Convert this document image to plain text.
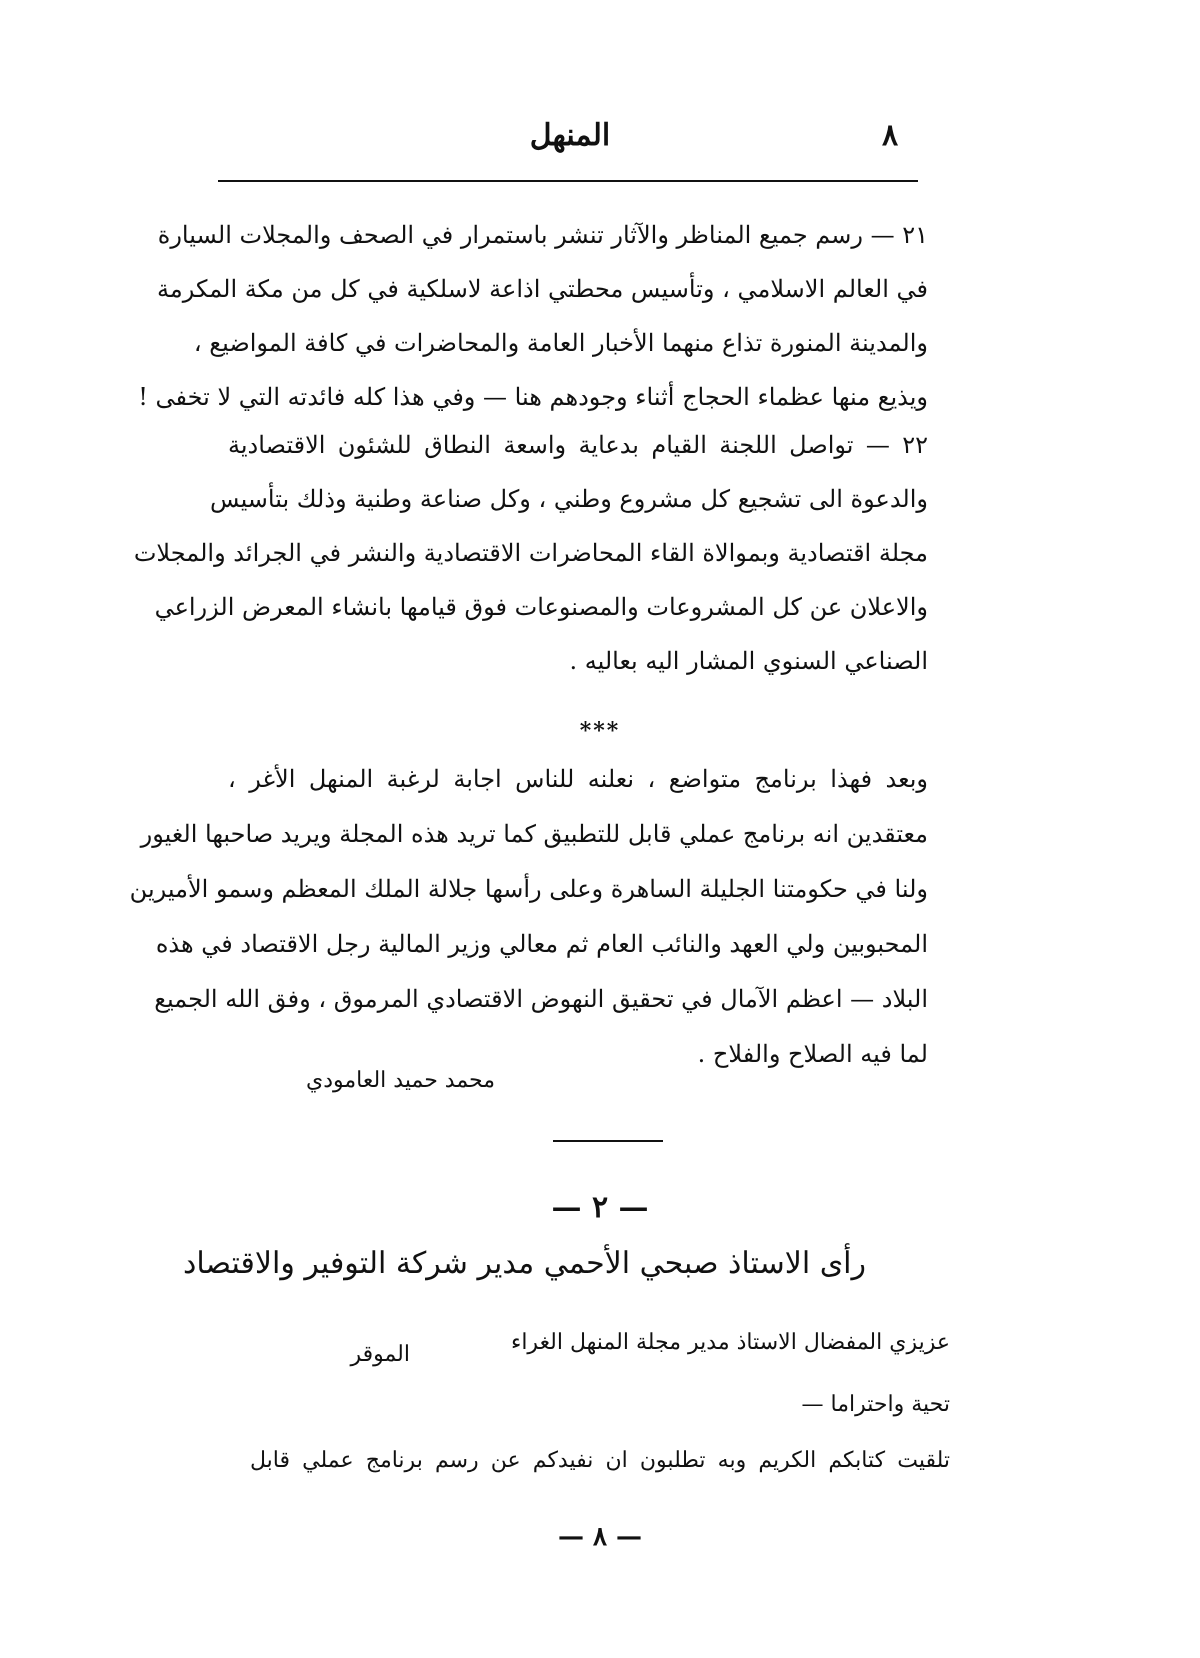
المنهل	٨

٢١ — رسم جميع المناظر والآثار تنشر باستمرار في الصحف والمجلات السيارة

في العالم الاسلامي ، وتأسيس محطتي اذاعة لاسلكية في كل من مكة المكرمة

والمدينة المنورة تذاع منهما الأخبار العامة والمحاضرات في كافة المواضيع ،

ويذيع منها عظماء الحجاج أثناء وجودهم هنا — وفي هذا كله فائدته التي لا تخفى !

٢٢ — تواصل اللجنة القيام بدعاية واسعة النطاق للشئون الاقتصادية

والدعوة الى تشجيع كل مشروع وطني ، وكل صناعة وطنية وذلك بتأسيس

مجلة اقتصادية وبموالاة القاء المحاضرات الاقتصادية والنشر في الجرائد والمجلات

والاعلان عن كل المشروعات والمصنوعات فوق قيامها بانشاء المعرض الزراعي

الصناعي السنوي المشار اليه بعاليه .

***

وبعد فهذا برنامج متواضع ، نعلنه للناس اجابة لرغبة المنهل الأغر ،

معتقدين انه برنامج عملي قابل للتطبيق كما تريد هذه المجلة ويريد صاحبها الغيور

ولنا في حكومتنا الجليلة الساهرة وعلى رأسها جلالة الملك المعظم وسمو الأميرين

المحبوبين ولي العهد والنائب العام ثم معالي وزير المالية رجل الاقتصاد في هذه

البلاد — اعظم الآمال في تحقيق النهوض الاقتصادي المرموق ، وفق الله الجميع

لما فيه الصلاح والفلاح .

محمد حميد العامودي
— ٢ —
رأى الاستاذ صبحي الأحمي مدير شركة التوفير والاقتصاد
عزيزي المفضال الاستاذ مدير مجلة المنهل الغراء
الموقر
تحية واحتراما —
تلقيت كتابكم الكريم وبه تطلبون ان نفيدكم عن رسم برنامج عملي قابل
— ٨ —
